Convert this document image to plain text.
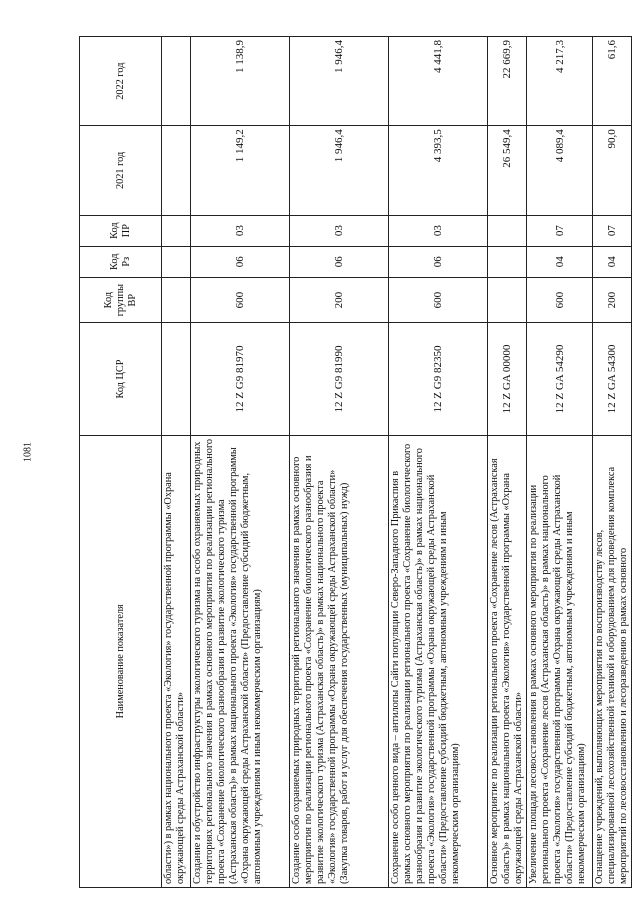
1081
Наименование показателя	Код ЦСР	Код группы ВР	Код Рз	Код ПР	2021 год	2022 год
области») в рамках национального проекта «Экология» государственной программы «Охрана окружающей среды Астраханской области»						
Создание и обустройство инфраструктуры экологического туризма на особо охраняемых природных территориях регионального значения в рамках основного мероприятия по реализации регионального проекта «Сохранение биологического разнообразия и развитие экологического туризма (Астраханская область)» в рамках национального проекта «Экология» государственной программы «Охрана окружающей среды Астраханской области» (Предоставление субсидий бюджетным, автономным учреждениям и иным некоммерческим организациям)	12 Z G9 81970	600	06	03	1 149,2	1 138,9
Создание особо охраняемых природных территорий регионального значения в рамках основного мероприятия по реализации регионального проекта «Сохранение биологического разнообразия и развитие экологического туризма (Астраханская область)» в рамках национального проекта «Экология» государственной программы «Охрана окружающей среды Астраханской области» (Закупка товаров, работ и услуг для обеспечения государственных (муниципальных) нужд)	12 Z G9 81990	200	06	03	1 946,4	1 946,4
Сохранение особо ценного вида – антилопы Сайги популяции Северо-Западного Прикаспия в рамках основного мероприятия по реализации регионального проекта «Сохранение биологического разнообразия и развитие экологического туризма (Астраханская область)» в рамках национального проекта «Экология» государственной программы «Охрана окружающей среды Астраханской области» (Предоставление субсидий бюджетным, автономным учреждениям и иным некоммерческим организациям)	12 Z G9 82350	600	06	03	4 393,5	4 441,8
Основное мероприятие по реализации регионального проекта «Сохранение лесов (Астраханская область)» в рамках национального проекта «Экология» государственной программы «Охрана окружающей среды Астраханской области»	12 Z GA 00000				26 549,4	22 669,9
Увеличение площади лесовосстановления в рамках основного мероприятия по реализации регионального проекта «Сохранение лесов (Астраханская область)» в рамках национального проекта «Экология» государственной программы «Охрана окружающей среды Астраханской области» (Предоставление субсидий бюджетным, автономным учреждениям и иным некоммерческим организациям)	12 Z GA 54290	600	04	07	4 089,4	4 217,3
Оснащение учреждений, выполняющих мероприятия по воспроизводству лесов, специализированной лесохозяйственной техникой и оборудованием для проведения комплекса мероприятий по лесовосстановлению и лесоразведению в рамках основного	12 Z GA 54300	200	04	07	90,0	61,6
